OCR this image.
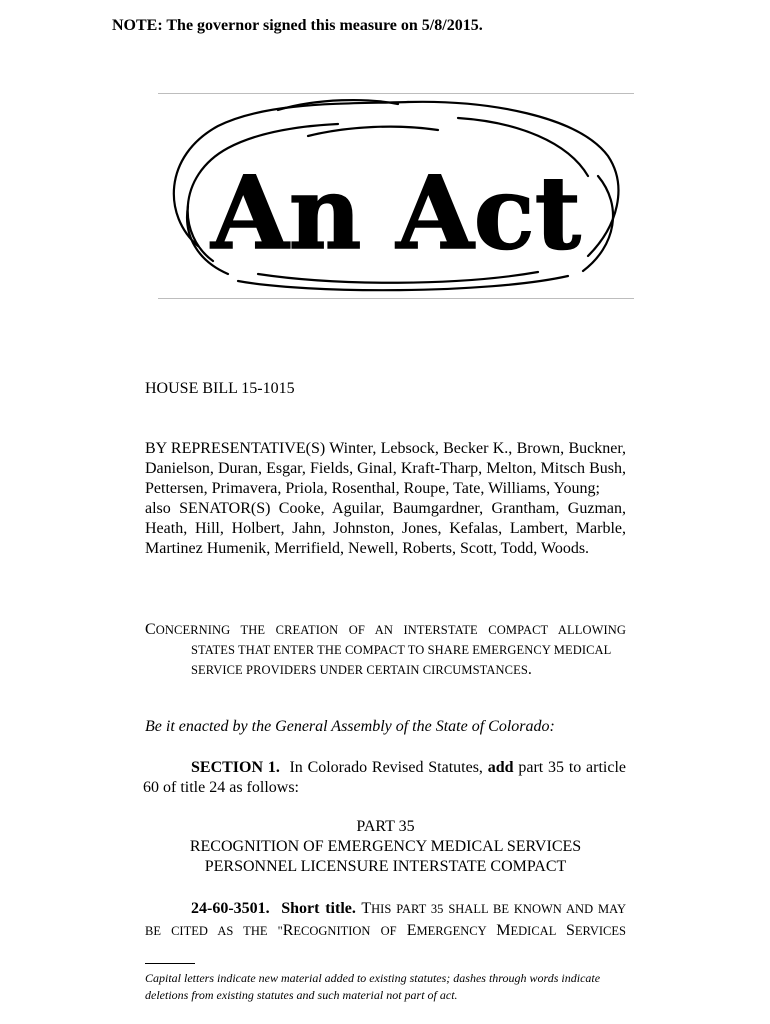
NOTE: The governor signed this measure on 5/8/2015.
An Act
HOUSE BILL 15-1015

BY REPRESENTATIVE(S) Winter, Lebsock, Becker K., Brown, Buckner, Danielson, Duran, Esgar, Fields, Ginal, Kraft-Tharp, Melton, Mitsch Bush, Pettersen, Primavera, Priola, Rosenthal, Roupe, Tate, Williams, Young;

also SENATOR(S) Cooke, Aguilar, Baumgardner, Grantham, Guzman, Heath, Hill, Holbert, Jahn, Johnston, Jones, Kefalas, Lambert, Marble, Martinez Humenik, Merrifield, Newell, Roberts, Scott, Todd, Woods.

CONCERNING THE CREATION OF AN INTERSTATE COMPACT ALLOWING
STATES THAT ENTER THE COMPACT TO SHARE EMERGENCY MEDICAL SERVICE PROVIDERS UNDER CERTAIN CIRCUMSTANCES.
Be it enacted by the General Assembly of the State of Colorado:
SECTION 1. In Colorado Revised Statutes, add part 35 to article
60 of title 24 as follows:
PART 35
RECOGNITION OF EMERGENCY MEDICAL SERVICES
PERSONNEL LICENSURE INTERSTATE COMPACT
24-60-3501. Short title. THIS PART 35 SHALL BE KNOWN AND MAY
BE CITED AS THE "RECOGNITION OF EMERGENCY MEDICAL SERVICES
Capital letters indicate new material added to existing statutes; dashes through words indicate deletions from existing statutes and such material not part of act.
